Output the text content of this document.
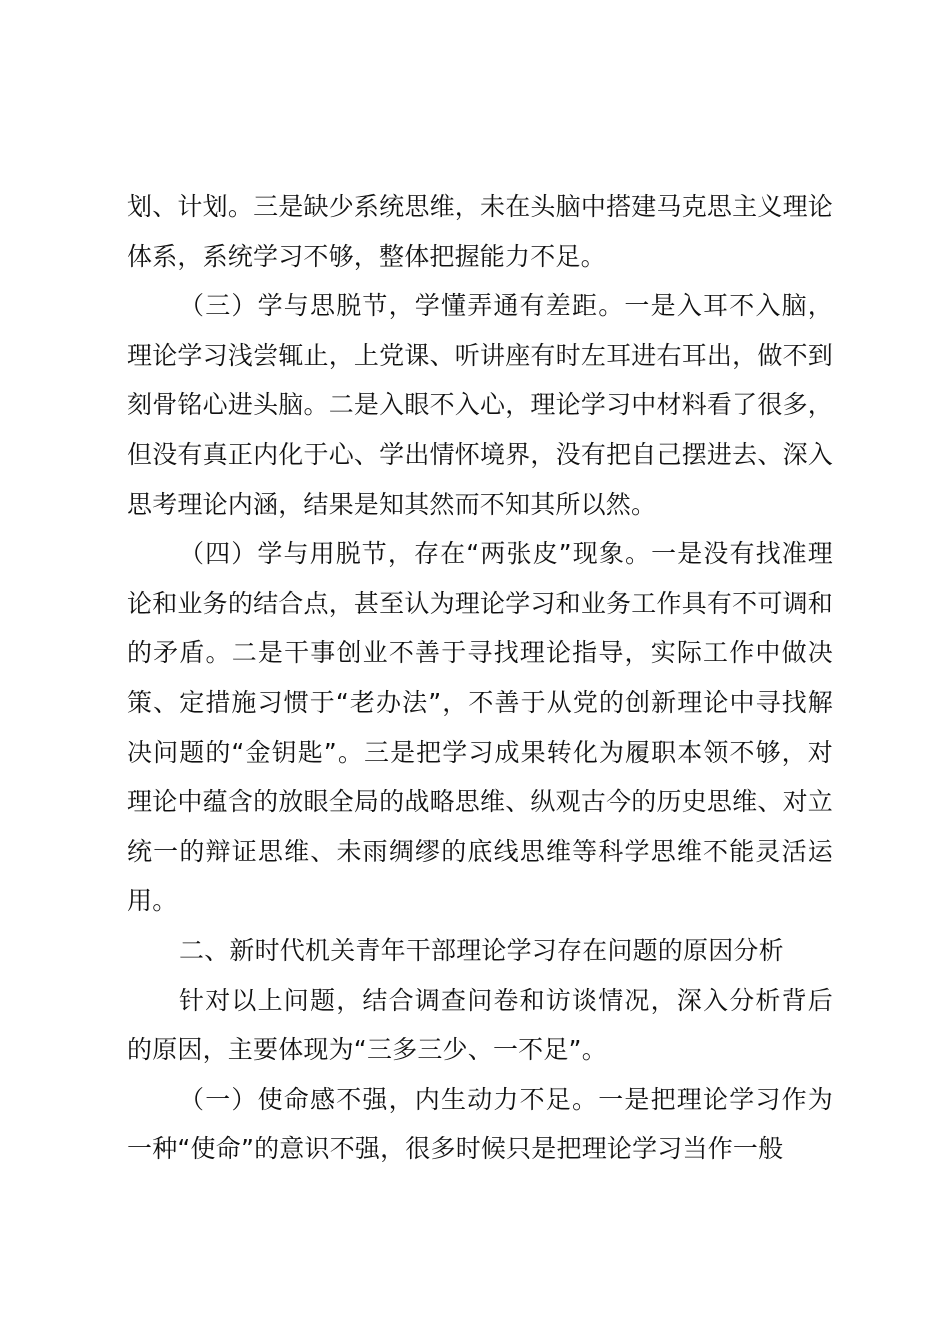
划、计划。三是缺少系统思维，未在头脑中搭建马克思主义理论体系，系统学习不够，整体把握能力不足。

（三）学与思脱节，学懂弄通有差距。一是入耳不入脑，理论学习浅尝辄止，上党课、听讲座有时左耳进右耳出，做不到刻骨铭心进头脑。二是入眼不入心，理论学习中材料看了很多，但没有真正内化于心、学出情怀境界，没有把自己摆进去、深入思考理论内涵，结果是知其然而不知其所以然。

（四）学与用脱节，存在“两张皮”现象。一是没有找准理论和业务的结合点，甚至认为理论学习和业务工作具有不可调和的矛盾。二是干事创业不善于寻找理论指导，实际工作中做决策、定措施习惯于“老办法”，不善于从党的创新理论中寻找解决问题的“金钥匙”。三是把学习成果转化为履职本领不够，对理论中蕴含的放眼全局的战略思维、纵观古今的历史思维、对立统一的辩证思维、未雨绸缪的底线思维等科学思维不能灵活运用。

二、新时代机关青年干部理论学习存在问题的原因分析

针对以上问题，结合调查问卷和访谈情况，深入分析背后的原因，主要体现为“三多三少、一不足”。

（一）使命感不强，内生动力不足。一是把理论学习作为一种“使命”的意识不强，很多时候只是把理论学习当作一般
